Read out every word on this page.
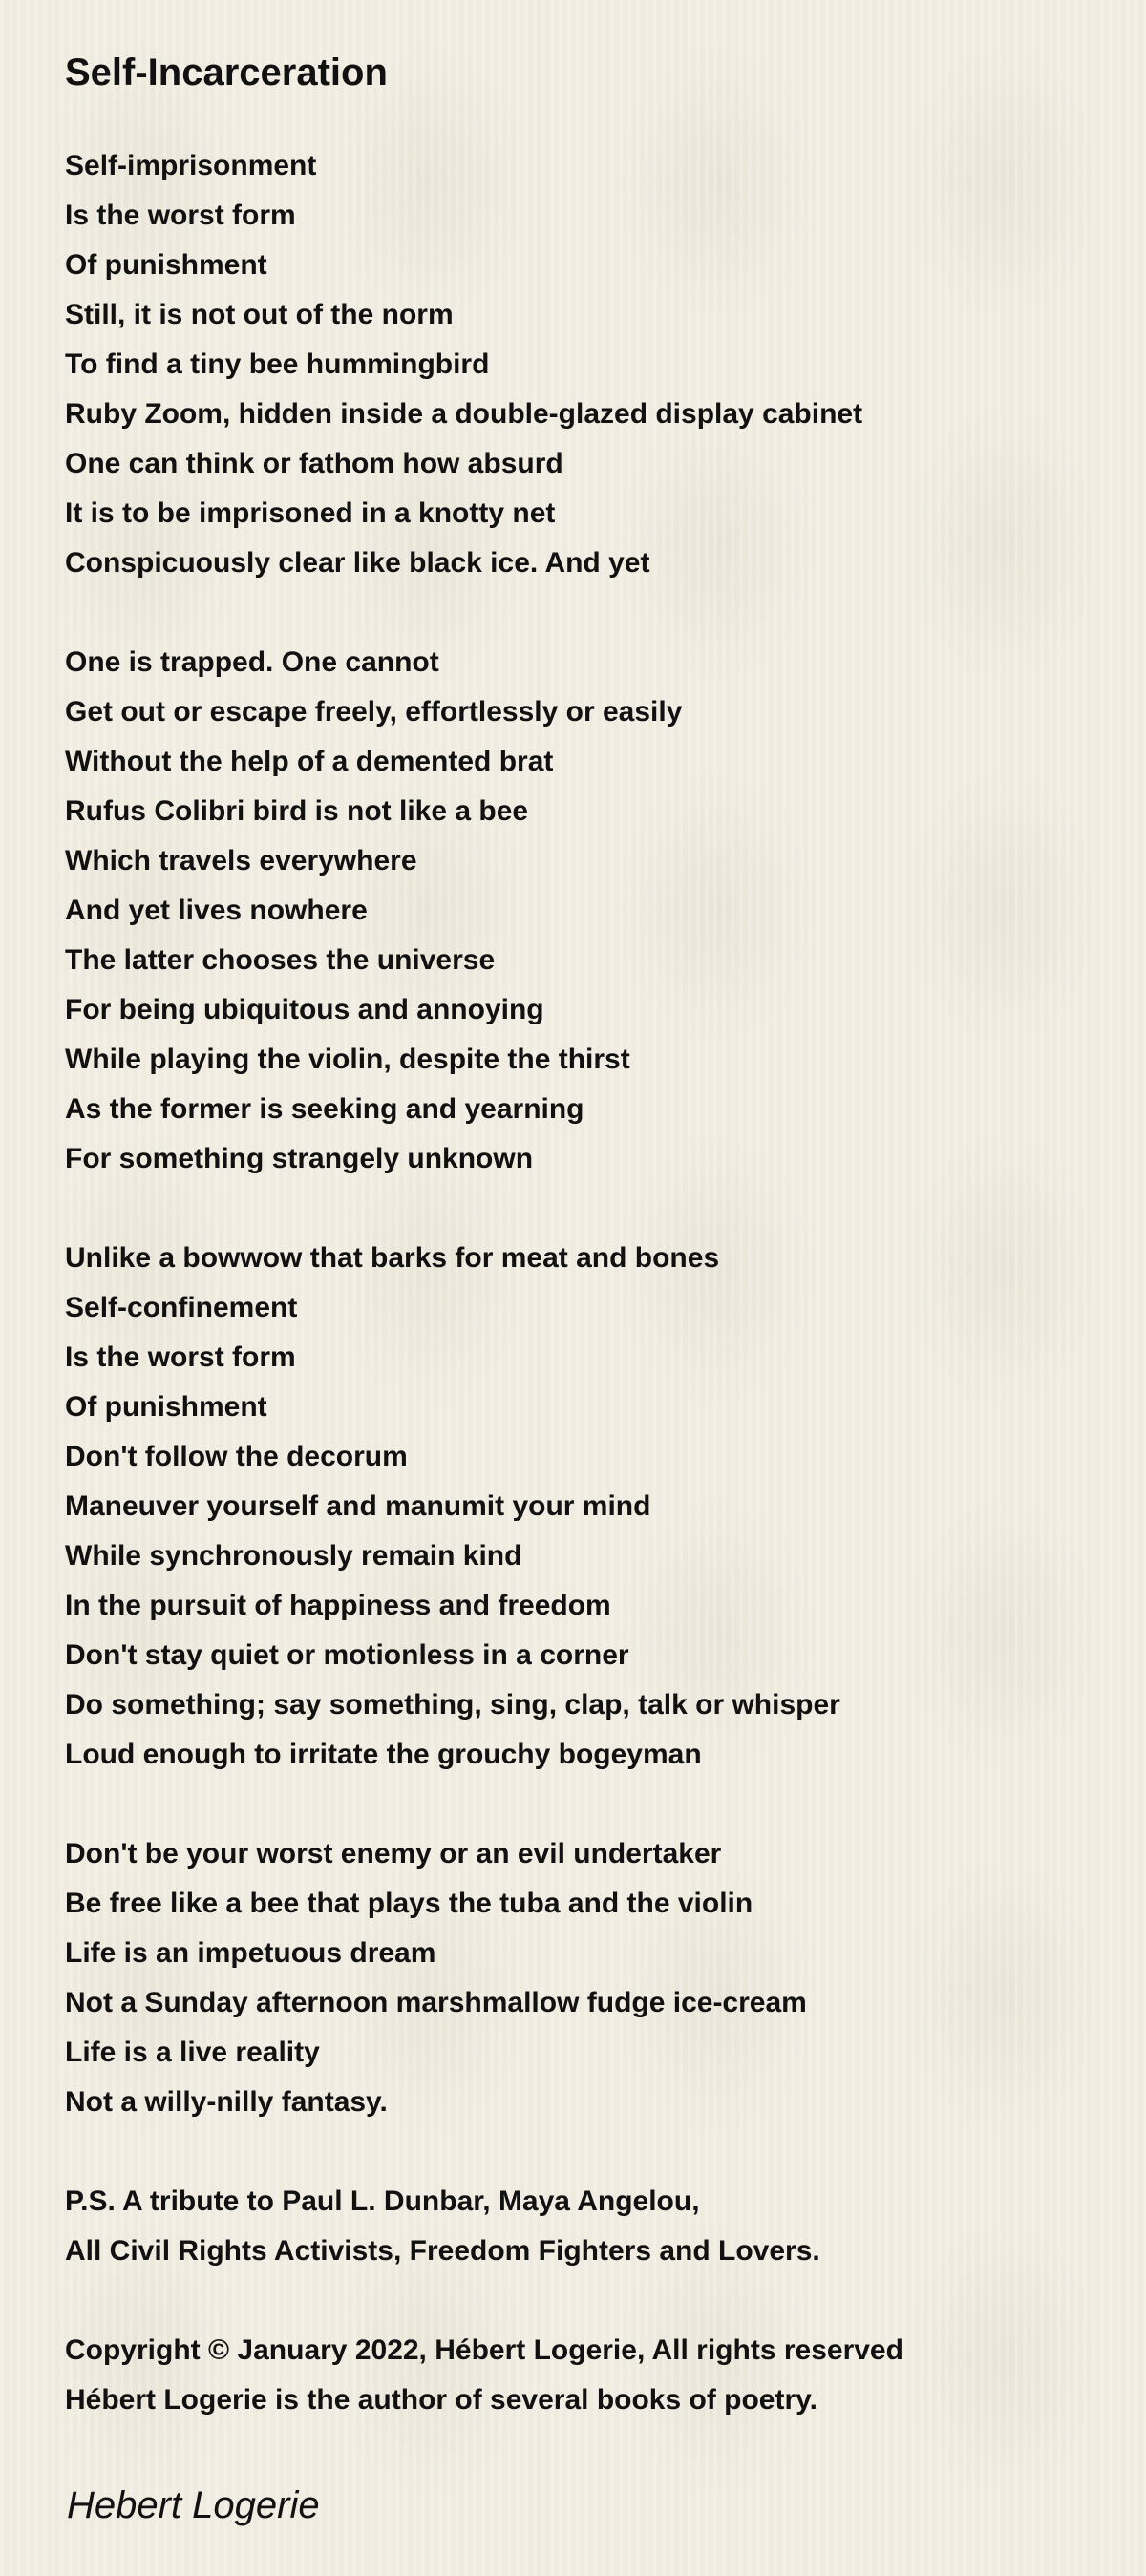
Self-Incarceration
Self-imprisonment
Is the worst form
Of punishment
Still, it is not out of the norm
To find a tiny bee hummingbird
Ruby Zoom, hidden inside a double-glazed display cabinet
One can think or fathom how absurd
It is to be imprisoned in a knotty net
Conspicuously clear like black ice. And yet
One is trapped. One cannot
Get out or escape freely, effortlessly or easily
Without the help of a demented brat
Rufus Colibri bird is not like a bee
Which travels everywhere
And yet lives nowhere
The latter chooses the universe
For being ubiquitous and annoying
While playing the violin, despite the thirst
As the former is seeking and yearning
For something strangely unknown
Unlike a bowwow that barks for meat and bones
Self-confinement
Is the worst form
Of punishment
Don't follow the decorum
Maneuver yourself and manumit your mind
While synchronously remain kind
In the pursuit of happiness and freedom
Don't stay quiet or motionless in a corner
Do something; say something, sing, clap, talk or whisper
Loud enough to irritate the grouchy bogeyman
Don't be your worst enemy or an evil undertaker
Be free like a bee that plays the tuba and the violin
Life is an impetuous dream
Not a Sunday afternoon marshmallow fudge ice-cream
Life is a live reality
Not a willy-nilly fantasy.
P.S. A tribute to Paul L. Dunbar, Maya Angelou,
All Civil Rights Activists, Freedom Fighters and Lovers.
Copyright © January 2022, Hébert Logerie, All rights reserved
Hébert Logerie is the author of several books of poetry.
Hebert Logerie
